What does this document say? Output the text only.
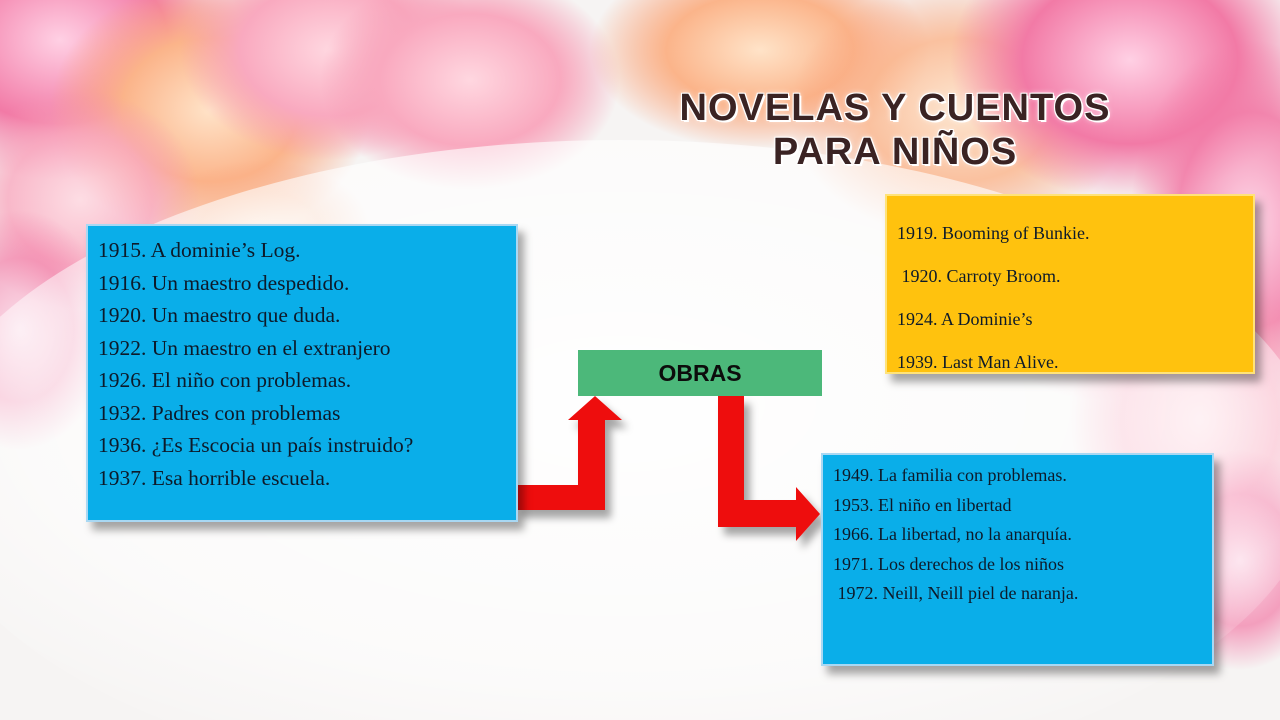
NOVELAS Y CUENTOS
PARA NIÑOS
1915. A dominie’s Log.
1916. Un maestro despedido.
1920. Un maestro que duda.
1922. Un maestro en el extranjero
1926. El niño con problemas.
1932. Padres con problemas
1936. ¿Es Escocia un país instruido?
1937. Esa horrible escuela.
OBRAS
1919. Booming of Bunkie.
1920. Carroty Broom.
1924. A Dominie’s
1939. Last Man Alive.
1949. La familia con problemas.
1953. El niño en libertad
1966. La libertad, no la anarquía.
1971. Los derechos de los niños
1972. Neill, Neill piel de naranja.
